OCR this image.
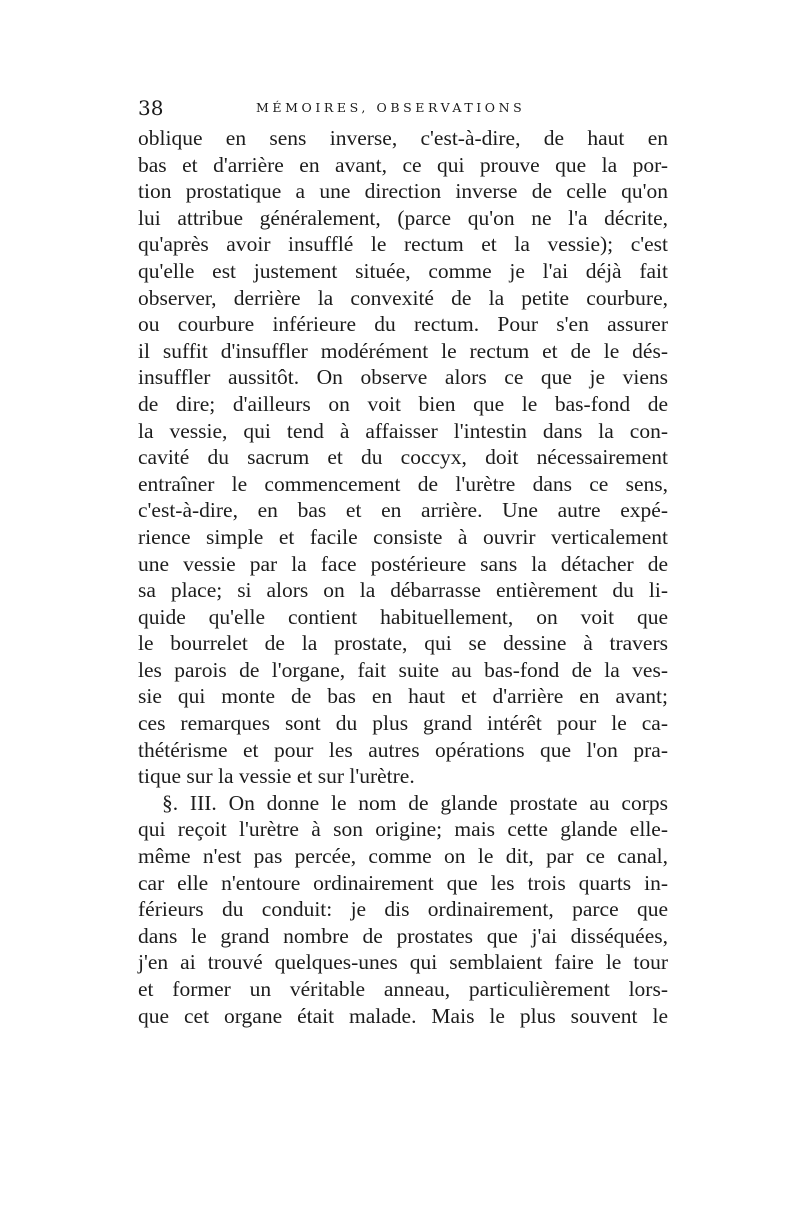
38	MÉMOIRES, OBSERVATIONS
oblique en sens inverse, c'est-à-dire, de haut en
bas et d'arrière en avant, ce qui prouve que la por-
tion prostatique a une direction inverse de celle qu'on
lui attribue généralement, (parce qu'on ne l'a décrite,
qu'après avoir insufflé le rectum et la vessie); c'est
qu'elle est justement située, comme je l'ai déjà fait
observer, derrière la convexité de la petite courbure,
ou courbure inférieure du rectum. Pour s'en assurer
il suffit d'insuffler modérément le rectum et de le dés-
insuffler aussitôt. On observe alors ce que je viens
de dire; d'ailleurs on voit bien que le bas-fond de
la vessie, qui tend à affaisser l'intestin dans la con-
cavité du sacrum et du coccyx, doit nécessairement
entraîner le commencement de l'urètre dans ce sens,
c'est-à-dire, en bas et en arrière. Une autre expé-
rience simple et facile consiste à ouvrir verticalement
une vessie par la face postérieure sans la détacher de
sa place; si alors on la débarrasse entièrement du li-
quide qu'elle contient habituellement, on voit que
le bourrelet de la prostate, qui se dessine à travers
les parois de l'organe, fait suite au bas-fond de la ves-
sie qui monte de bas en haut et d'arrière en avant;
ces remarques sont du plus grand intérêt pour le ca-
thétérisme et pour les autres opérations que l'on pra-
tique sur la vessie et sur l'urètre.
§. III. On donne le nom de glande prostate au corps
qui reçoit l'urètre à son origine; mais cette glande elle-
même n'est pas percée, comme on le dit, par ce canal,
car elle n'entoure ordinairement que les trois quarts in-
férieurs du conduit: je dis ordinairement, parce que
dans le grand nombre de prostates que j'ai disséquées,
j'en ai trouvé quelques-unes qui semblaient faire le tour
et former un véritable anneau, particulièrement lors-
que cet organe était malade. Mais le plus souvent le
